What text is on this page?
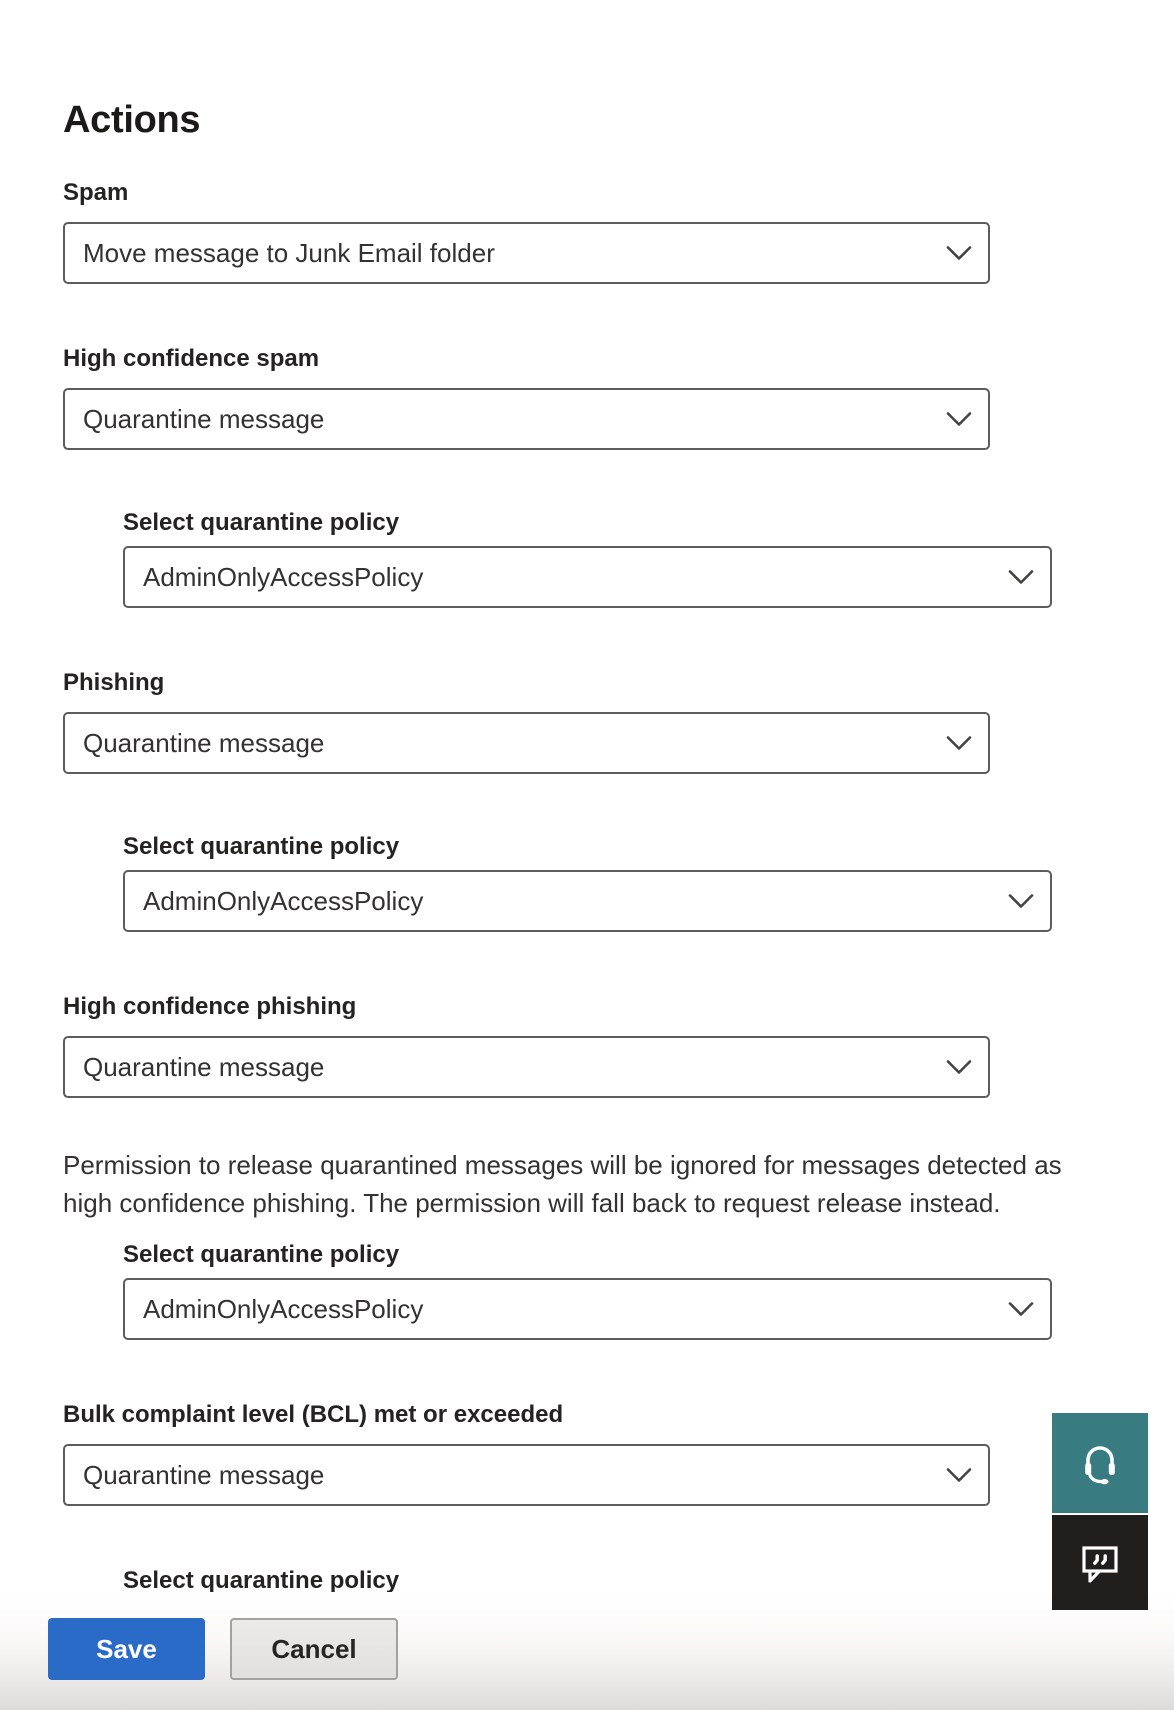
Actions
Spam
Move message to Junk Email folder
High confidence spam
Quarantine message
Select quarantine policy
AdminOnlyAccessPolicy
Phishing
Quarantine message
Select quarantine policy
AdminOnlyAccessPolicy
High confidence phishing
Quarantine message

Permission to release quarantined messages will be ignored for messages detected as
high confidence phishing. The permission will fall back to request release instead.

Select quarantine policy
AdminOnlyAccessPolicy
Bulk complaint level (BCL) met or exceeded
Quarantine message
Select quarantine policy
Save	Cancel
